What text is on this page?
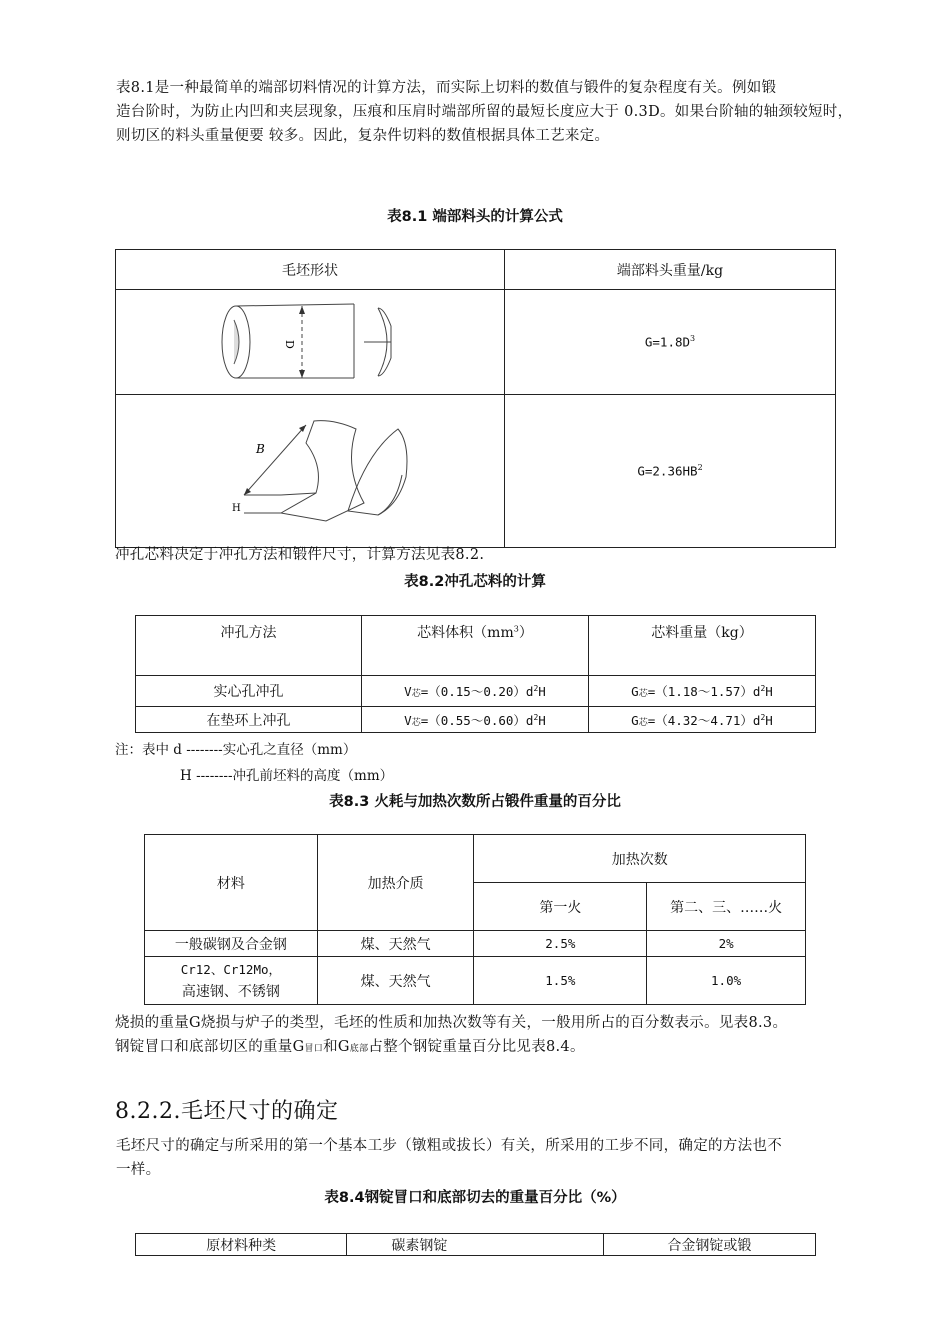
表8.1是一种最简单的端部切料情况的计算方法，而实际上切料的数值与锻件的复杂程度有关。例如锻
造台阶时，为防止内凹和夹层现象，压痕和压肩时端部所留的最短长度应大于 0.3D。如果台阶轴的轴颈较短时，
则切区的料头重量便要 较多。因此，复杂件切料的数值根据具体工艺来定。
表8.1 端部料头的计算公式
毛坯形状	端部料头重量/kg

D	$G=1.8D^3$

B
H	$G=2.36HB^2$
冲孔芯料决定于冲孔方法和锻件尺寸，计算方法见表8.2.
表8.2冲孔芯料的计算
冲孔方法	芯料体积$(mm^3)$	芯料重量（kg）
实心孔冲孔	V芯$=(0.15\sim 0.20)d^2H$	G芯$=(1.18\sim 1.57)d^2H$
在垫环上冲孔	V芯$=(0.55\sim 0.60)d^2H$	G芯$=(4.32\sim 4.71)d^2H$
注：表中 d --------实心孔之直径（mm）
H --------冲孔前坯料的高度（mm）
表8.3 火耗与加热次数所占锻件重量的百分比
材料	加热介质	加热次数	
		第一火	第二、三、……火
一般碳钢及合金钢	煤、天然气	2.5%	2%
Cr12、Cr12Mo，
高速钢、不锈钢	煤、天然气	1.5%	1.0%
烧损的重量G烧损与炉子的类型，毛坯的性质和加热次数等有关，一般用所占的百分数表示。见表8.3。
钢锭冒口和底部切区的重量G冒口和G底部占整个钢锭重量百分比见表8.4。
8.2.2.毛坯尺寸的确定
毛坯尺寸的确定与所采用的第一个基本工步（镦粗或拔长）有关，所采用的工步不同，确定的方法也不
一样。
表8.4钢锭冒口和底部切去的重量百分比（%）
原材料种类	碳素钢锭	合金钢锭或锻
